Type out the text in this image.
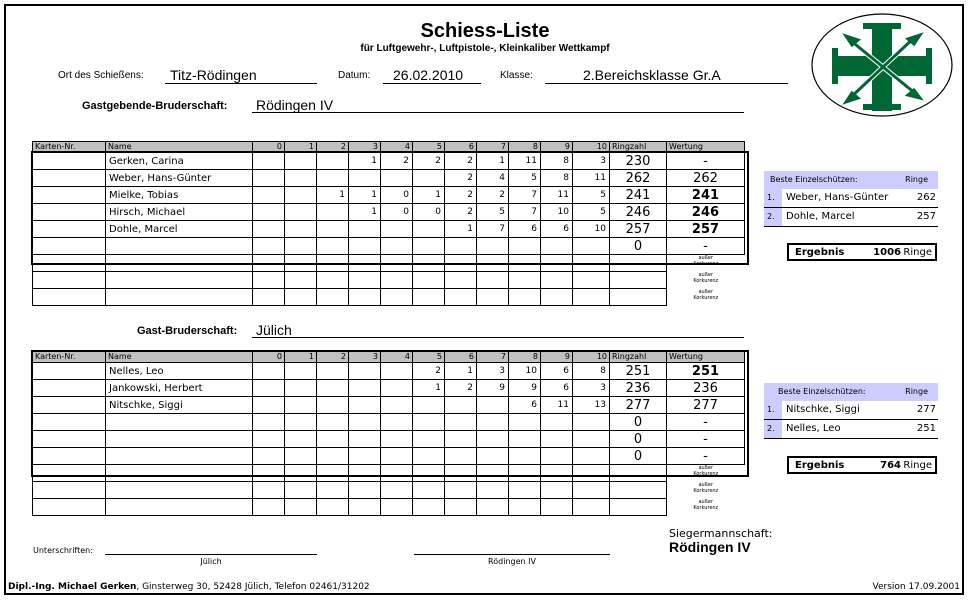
Schiess-Liste
für Luftgewehr-, Luftpistole-, Kleinkaliber Wettkampf
Ort des Schießens: Titz-Rödingen	Datum: 26.02.2010	Klasse:	2.Bereichsklasse Gr.A
Gastgebende-Bruderschaft: Rödingen IV
Karten-Nr.	Name	0	1	2	3	4	5	6	7	8	9	10	Ringzahl	Wertung
	Gerken, Carina				1	2	2	2	1	11	8	3	230	-
	Weber, Hans-Günter							2	4	5	8	11	262	262
	Mielke, Tobias			1	1	0	1	2	2	7	11	5	241	241
	Hirsch, Michael				1	0	0	2	5	7	10	5	246	246
	Dohle, Marcel							1	7	6	6	10	257	257
													0	-

														außer
Korkurenz

														außer
Korkurenz

														außer
Korkurenz
Beste Einzelschützen:	Ringe
1.	Weber, Hans-Günter	262
2.	Dohle, Marcel	257
Ergebnis	1006 Ringe
Gast-Bruderschaft: Jülich
Karten-Nr.	Name	0	1	2	3	4	5	6	7	8	9	10	Ringzahl	Wertung
	Nelles, Leo						2	1	3	10	6	8	251	251
	Jankowski, Herbert						1	2	9	9	6	3	236	236
	Nitschke, Siggi									6	11	13	277	277
													0	-
													0	-
													0	-

														außer
Korkurenz

														außer
Korkurenz

														außer
Korkurenz
Beste Einzelschützen:	Ringe
1.	Nitschke, Siggi	277
2.	Nelles, Leo	251
Ergebnis	764 Ringe
Siegermannschaft:
Rödingen IV
Unterschriften:
Jülich	Rödingen IV
Dipl.-Ing. Michael Gerken, Ginsterweg 30, 52428 Jülich, Telefon 02461/31202	Version 17.09.2001
